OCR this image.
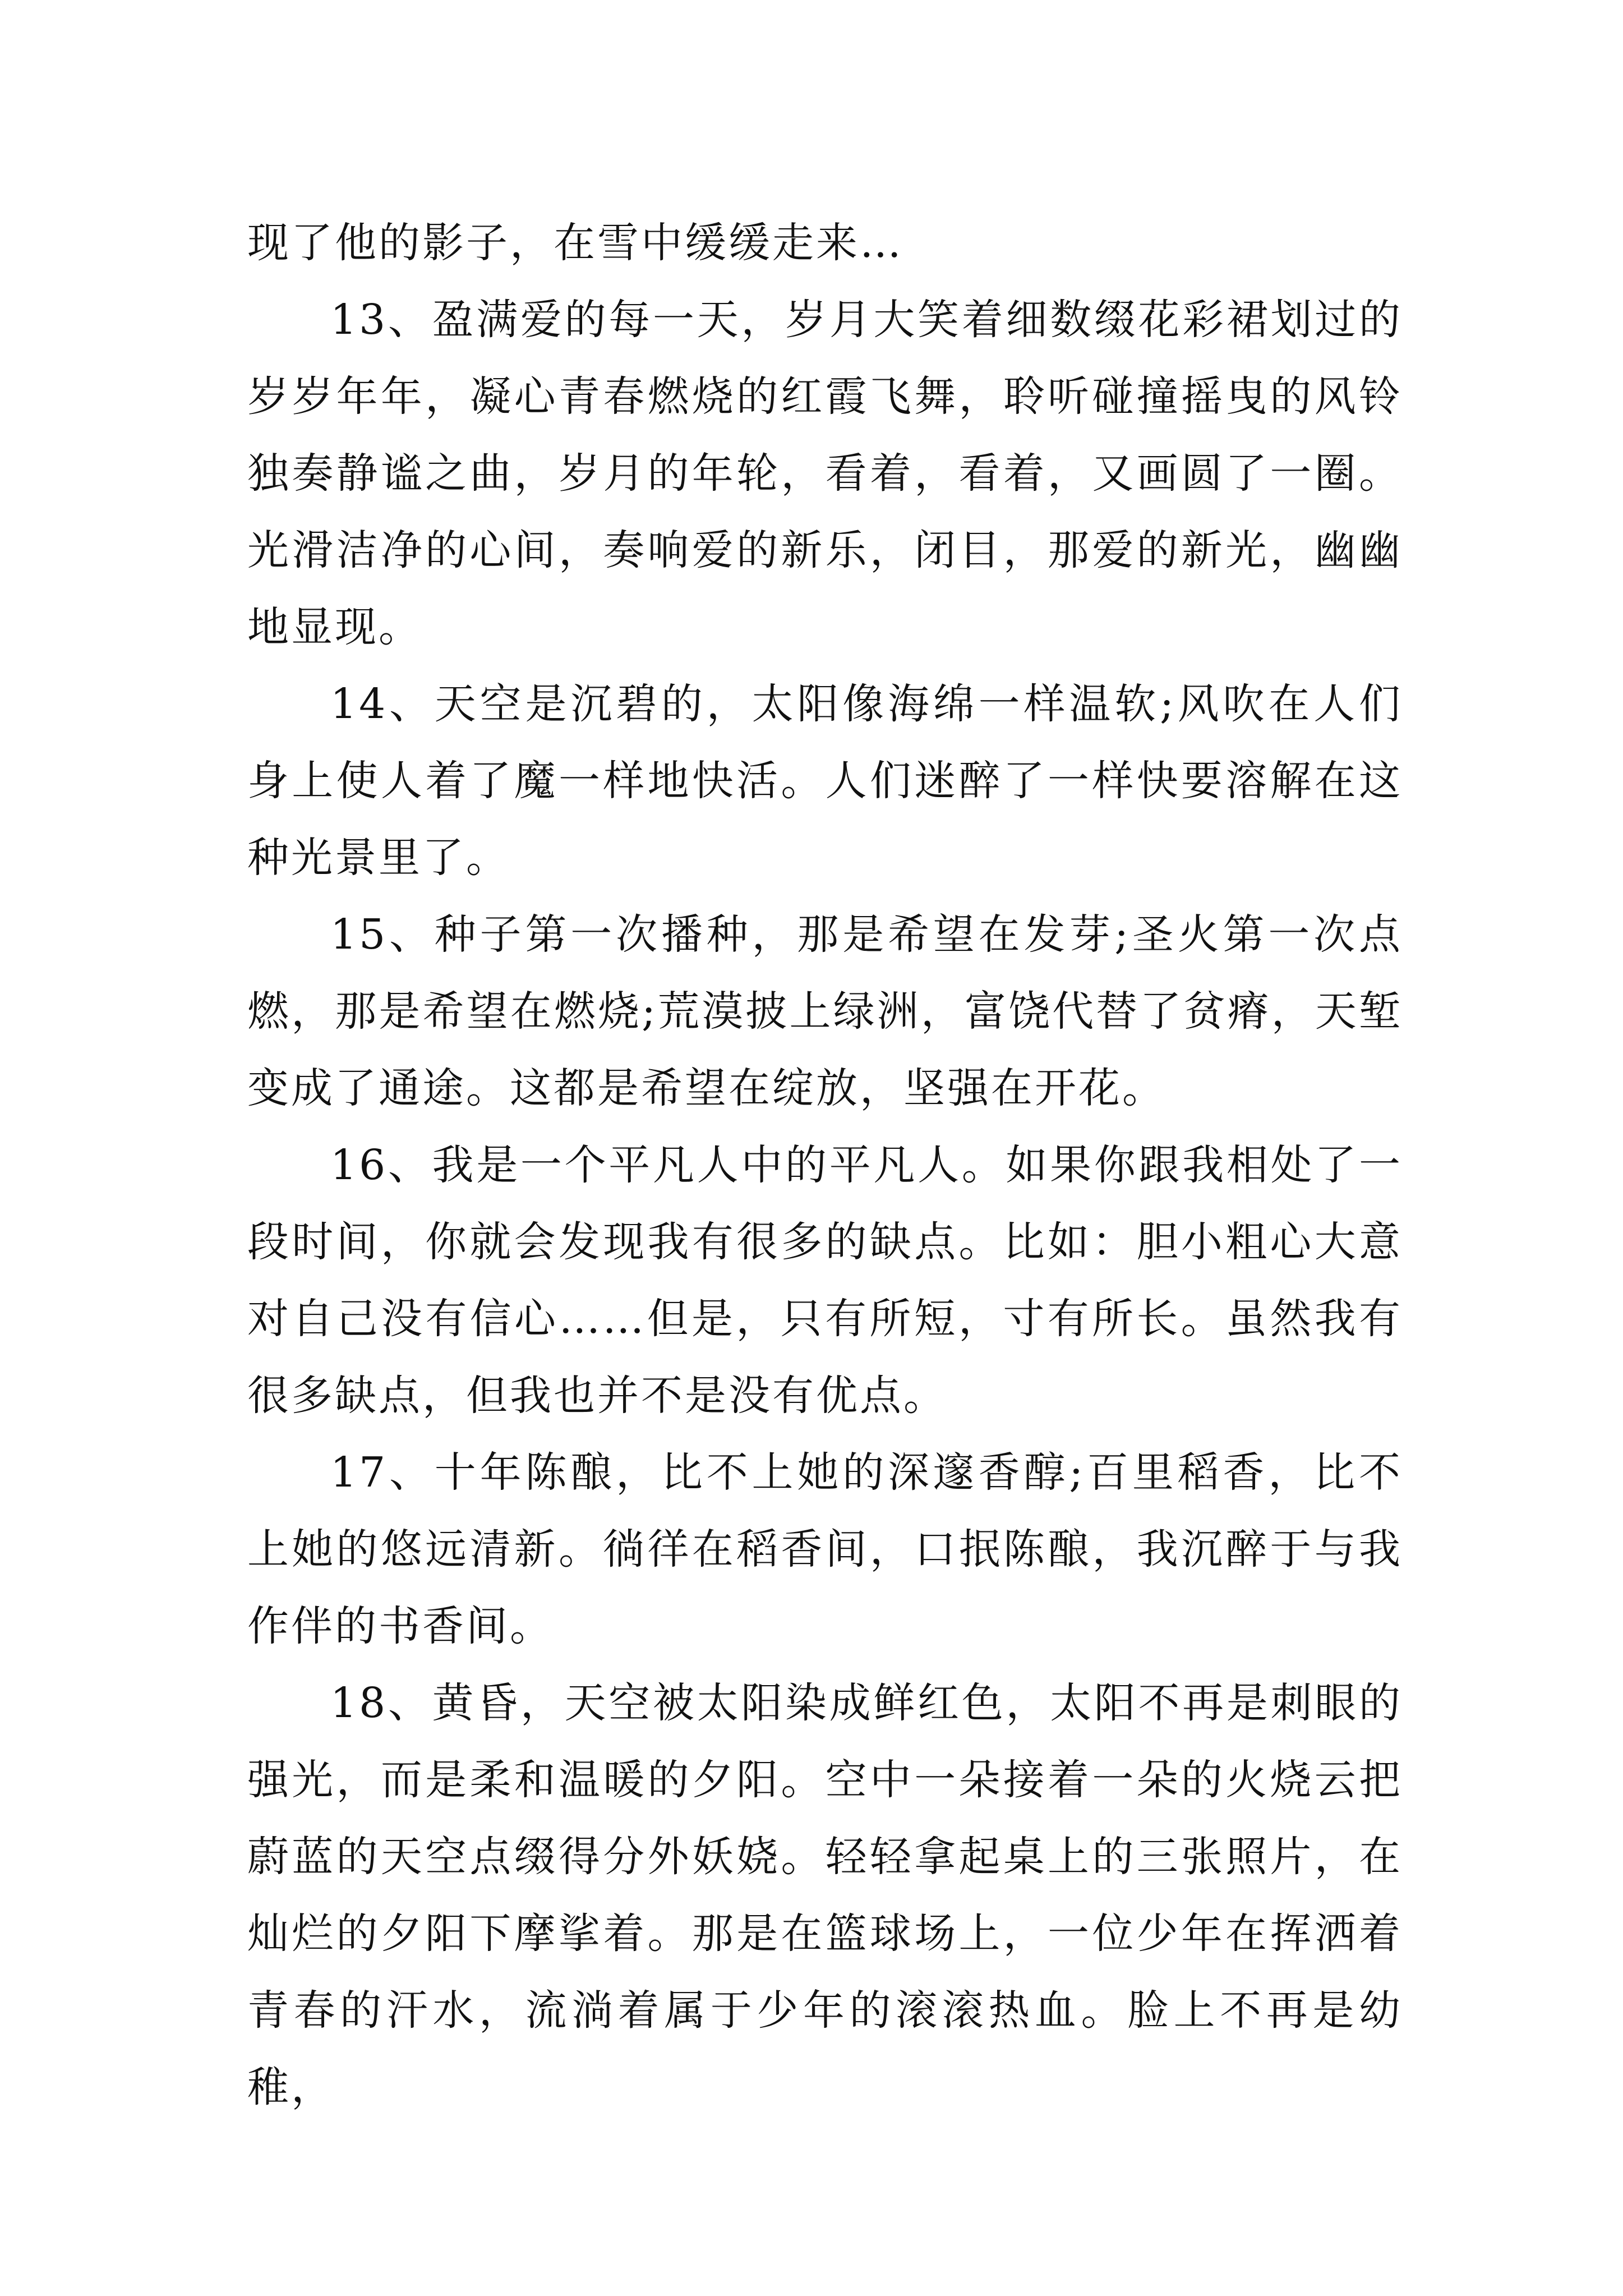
现了他的影子，在雪中缓缓走来…

13、盈满爱的每一天，岁月大笑着细数缀花彩裙划过的岁岁年年，凝心青春燃烧的红霞飞舞，聆听碰撞摇曳的风铃独奏静谧之曲，岁月的年轮，看着，看着，又画圆了一圈。光滑洁净的心间，奏响爱的新乐，闭目，那爱的新光，幽幽地显现。

14、天空是沉碧的，太阳像海绵一样温软;风吹在人们身上使人着了魔一样地快活。人们迷醉了一样快要溶解在这种光景里了。

15、种子第一次播种，那是希望在发芽;圣火第一次点燃，那是希望在燃烧;荒漠披上绿洲，富饶代替了贫瘠，天堑变成了通途。这都是希望在绽放，坚强在开花。

16、我是一个平凡人中的平凡人。如果你跟我相处了一段时间，你就会发现我有很多的缺点。比如：胆小粗心大意对自己没有信心……但是，只有所短，寸有所长。虽然我有很多缺点，但我也并不是没有优点。

17、十年陈酿，比不上她的深邃香醇;百里稻香，比不上她的悠远清新。徜徉在稻香间，口抿陈酿，我沉醉于与我作伴的书香间。

18、黄昏，天空被太阳染成鲜红色，太阳不再是刺眼的强光，而是柔和温暖的夕阳。空中一朵接着一朵的火烧云把蔚蓝的天空点缀得分外妖娆。轻轻拿起桌上的三张照片，在灿烂的夕阳下摩挲着。那是在篮球场上，一位少年在挥洒着青春的汗水，流淌着属于少年的滚滚热血。脸上不再是幼稚，
